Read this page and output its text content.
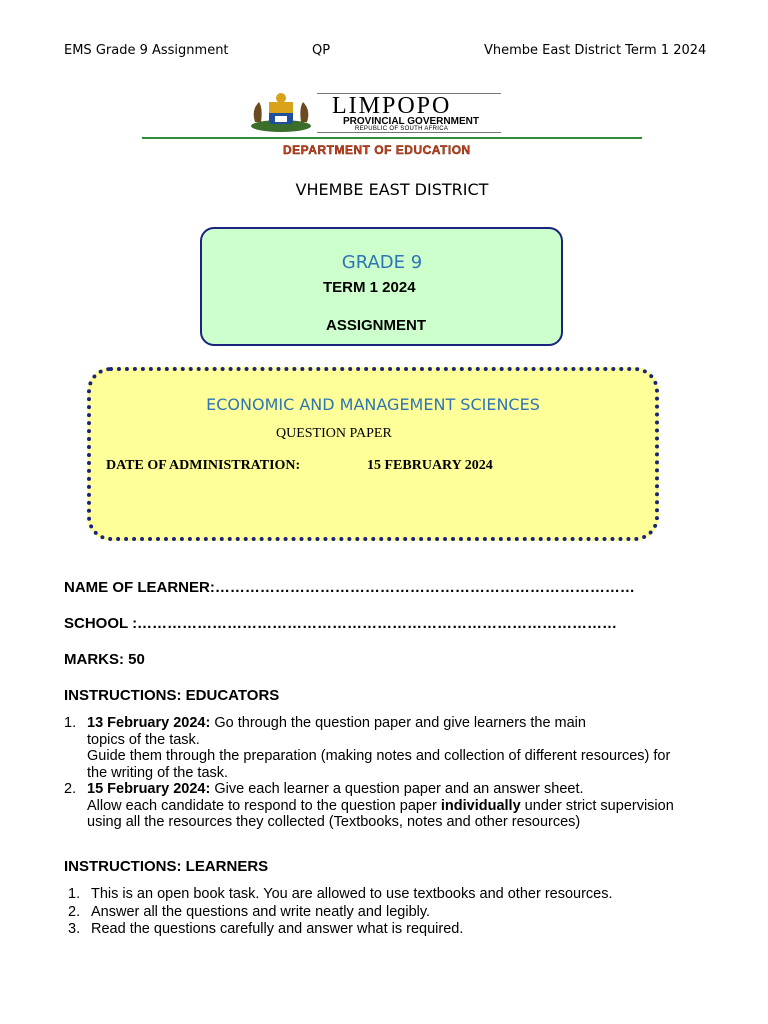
EMS Grade 9 Assignment	QP	Vhembe East District Term 1 2024
LIMPOPO
PROVINCIAL GOVERNMENT
REPUBLIC OF SOUTH AFRICA
DEPARTMENT OF EDUCATION
VHEMBE EAST DISTRICT
GRADE 9
TERM 1 2024
ASSIGNMENT
ECONOMIC AND MANAGEMENT SCIENCES
QUESTION PAPER
DATE OF ADMINISTRATION:	15 FEBRUARY 2024
NAME OF LEARNER:…………………………………………………………………………
SCHOOL :……………………………………………………………………………………
MARKS: 50
INSTRUCTIONS: EDUCATORS
1. 13 February 2024: Go through the question paper and give learners the main
topics of the task.
Guide them through the preparation (making notes and collection of different resources) for
the writing of the task.
2. 15 February 2024: Give each learner a question paper and an answer sheet.
Allow each candidate to respond to the question paper individually under strict supervision
using all the resources they collected (Textbooks, notes and other resources)
INSTRUCTIONS: LEARNERS
1. This is an open book task. You are allowed to use textbooks and other resources.
2. Answer all the questions and write neatly and legibly.
3. Read the questions carefully and answer what is required.
